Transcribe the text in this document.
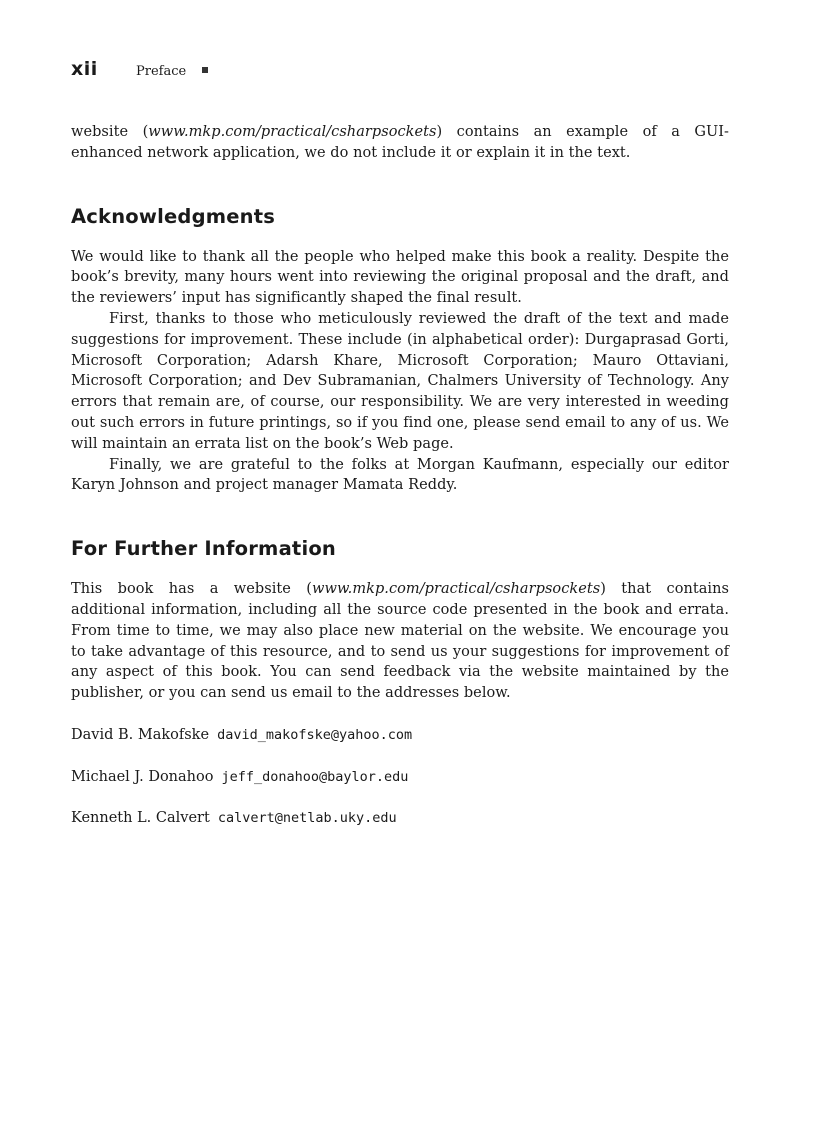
xii	Preface

website (www.mkp.com/practical/csharpsockets) contains an example of a GUI-enhanced network application, we do not include it or explain it in the text.

Acknowledgments

We would like to thank all the people who helped make this book a reality. Despite the book’s brevity, many hours went into reviewing the original proposal and the draft, and the reviewers’ input has significantly shaped the final result.

First, thanks to those who meticulously reviewed the draft of the text and made suggestions for improvement. These include (in alphabetical order): Durgaprasad Gorti, Microsoft Corporation; Adarsh Khare, Microsoft Corporation; Mauro Ottaviani, Microsoft Corporation; and Dev Subramanian, Chalmers University of Technology. Any errors that remain are, of course, our responsibility. We are very interested in weeding out such errors in future printings, so if you find one, please send email to any of us. We will maintain an errata list on the book’s Web page.

Finally, we are grateful to the folks at Morgan Kaufmann, especially our editor Karyn Johnson and project manager Mamata Reddy.

For Further Information

This book has a website (www.mkp.com/practical/csharpsockets) that contains additional information, including all the source code presented in the book and errata. From time to time, we may also place new material on the website. We encourage you to take advantage of this resource, and to send us your suggestions for improvement of any aspect of this book. You can send feedback via the website maintained by the publisher, or you can send us email to the addresses below.

David B. Makofske david_makofske@yahoo.com
Michael J. Donahoo jeff_donahoo@baylor.edu
Kenneth L. Calvert calvert@netlab.uky.edu
